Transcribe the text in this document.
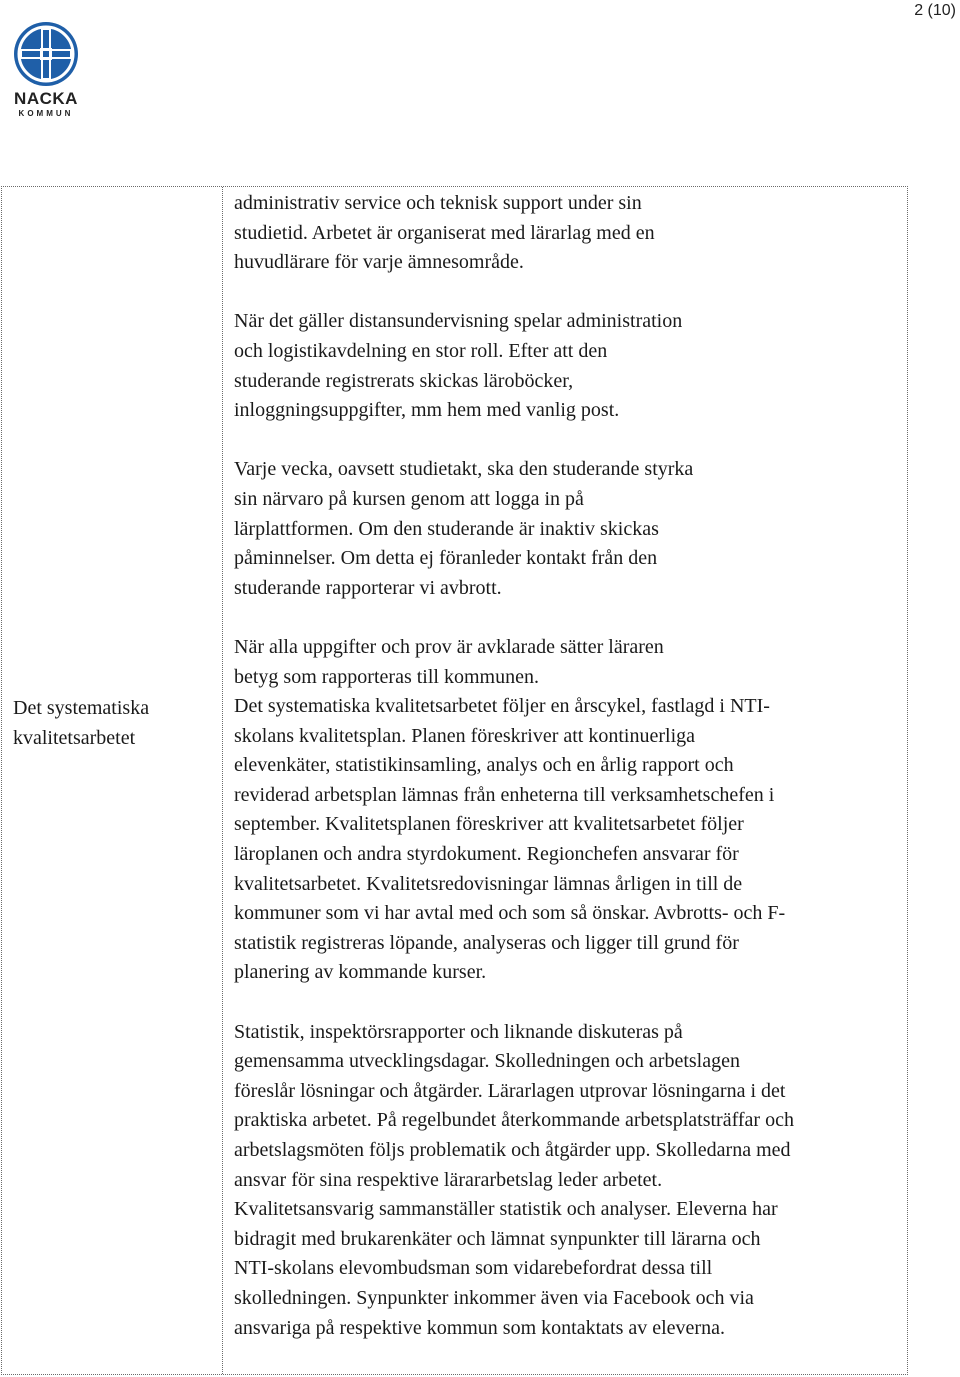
2 (10)
NACKA
KOMMUN
Det systematiska
kvalitetsarbetet
administrativ service och teknisk support under sin
studietid. Arbetet är organiserat med lärarlag med en
huvudlärare för varje ämnesområde.
När det gäller distansundervisning spelar administration
och logistikavdelning en stor roll. Efter att den
studerande registrerats skickas läroböcker,
inloggningsuppgifter, mm hem med vanlig post.
Varje vecka, oavsett studietakt, ska den studerande styrka
sin närvaro på kursen genom att logga in på
lärplattformen. Om den studerande är inaktiv skickas
påminnelser. Om detta ej föranleder kontakt från den
studerande rapporterar vi avbrott.
När alla uppgifter och prov är avklarade sätter läraren
betyg som rapporteras till kommunen.
Det systematiska kvalitetsarbetet följer en årscykel, fastlagd i NTI-
skolans kvalitetsplan. Planen föreskriver att kontinuerliga
elevenkäter, statistikinsamling, analys och en årlig rapport och
reviderad arbetsplan lämnas från enheterna till verksamhetschefen i
september. Kvalitetsplanen föreskriver att kvalitetsarbetet följer
läroplanen och andra styrdokument. Regionchefen ansvarar för
kvalitetsarbetet. Kvalitetsredovisningar lämnas årligen in till de
kommuner som vi har avtal med och som så önskar. Avbrotts- och F-
statistik registreras löpande, analyseras och ligger till grund för
planering av kommande kurser.
Statistik, inspektörsrapporter och liknande diskuteras på
gemensamma utvecklingsdagar. Skolledningen och arbetslagen
föreslår lösningar och åtgärder. Lärarlagen utprovar lösningarna i det
praktiska arbetet. På regelbundet återkommande arbetsplatsträffar och
arbetslagsmöten följs problematik och åtgärder upp. Skolledarna med
ansvar för sina respektive lärararbetslag leder arbetet.
Kvalitetsansvarig sammanställer statistik och analyser. Eleverna har
bidragit med brukarenkäter och lämnat synpunkter till lärarna och
NTI-skolans elevombudsman som vidarebefordrat dessa till
skolledningen. Synpunkter inkommer även via Facebook och via
ansvariga på respektive kommun som kontaktats av eleverna.
